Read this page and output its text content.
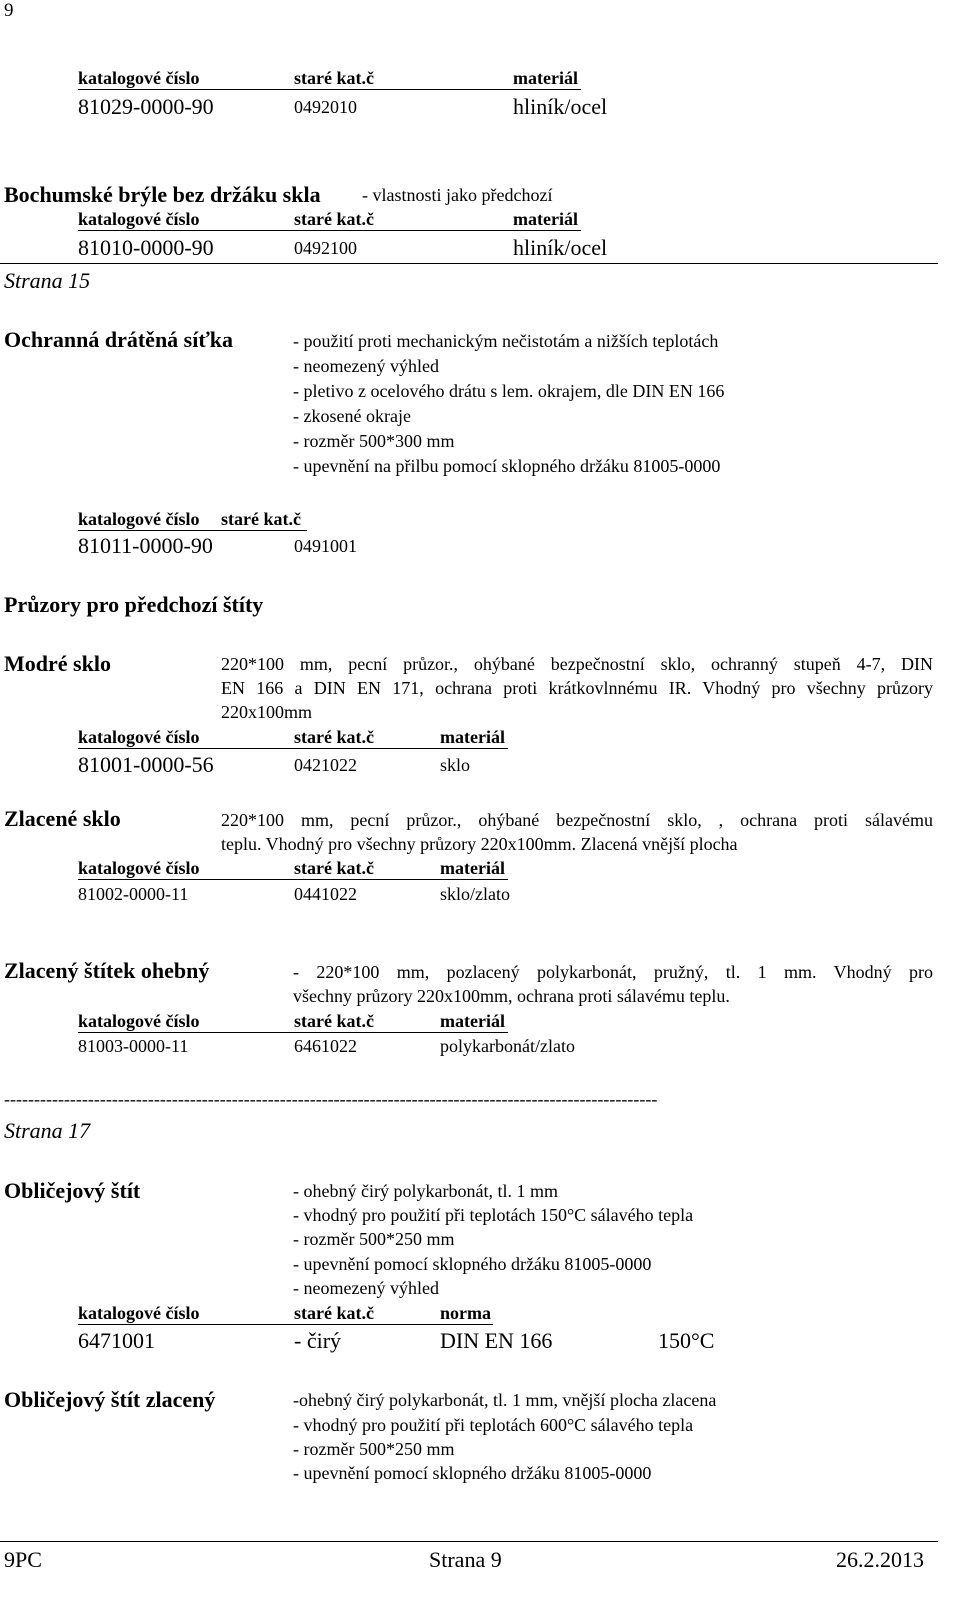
9
katalogové číslo	staré kat.č	materiál
81029-0000-90	0492010	hliník/ocel
Bochumské brýle bez držáku skla - vlastnosti jako předchozí
katalogové číslo	staré kat.č	materiál
81010-0000-90	0492100	hliník/ocel
Strana 15
Ochranná drátěná síťka	- použití proti mechanickým nečistotám a nižších teplotách
- neomezený výhled
- pletivo z ocelového drátu s lem. okrajem, dle DIN EN 166
- zkosené okraje
- rozměr 500*300 mm
- upevnění na přilbu pomocí sklopného držáku 81005-0000
katalogové číslo staré kat.č
81011-0000-90	0491001
Průzory pro předchozí štíty
Modré sklo	220*100 mm, pecní průzor., ohýbané bezpečnostní sklo, ochranný stupeň 4-7, DIN
EN 166 a DIN EN 171, ochrana proti krátkovlnnému IR. Vhodný pro všechny průzory
220x100mm
katalogové číslo	staré kat.č	materiál
81001-0000-56	0421022	sklo
Zlacené sklo	220*100 mm, pecní průzor., ohýbané bezpečnostní sklo, , ochrana proti sálavému
teplu. Vhodný pro všechny průzory 220x100mm. Zlacená vnější plocha
katalogové číslo	staré kat.č	materiál
81002-0000-11	0441022	sklo/zlato
Zlacený štítek ohebný	- 220*100 mm, pozlacený polykarbonát, pružný, tl. 1 mm. Vhodný pro
všechny průzory 220x100mm, ochrana proti sálavému teplu.
katalogové číslo	staré kat.č	materiál
81003-0000-11	6461022	polykarbonát/zlato
-------------------------------------------------------------------------------------------------------------
Strana 17
Obličejový štít	- ohebný čirý polykarbonát, tl. 1 mm
- vhodný pro použití při teplotách 150°C sálavého tepla
- rozměr 500*250 mm
- upevnění pomocí sklopného držáku 81005-0000
- neomezený výhled
katalogové číslo	staré kat.č	norma
6471001	- čirý	DIN EN 166	150°C
Obličejový štít zlacený	-ohebný čirý polykarbonát, tl. 1 mm, vnější plocha zlacena
- vhodný pro použití při teplotách 600°C sálavého tepla
- rozměr 500*250 mm
- upevnění pomocí sklopného držáku 81005-0000
9PC	Strana 9	26.2.2013
